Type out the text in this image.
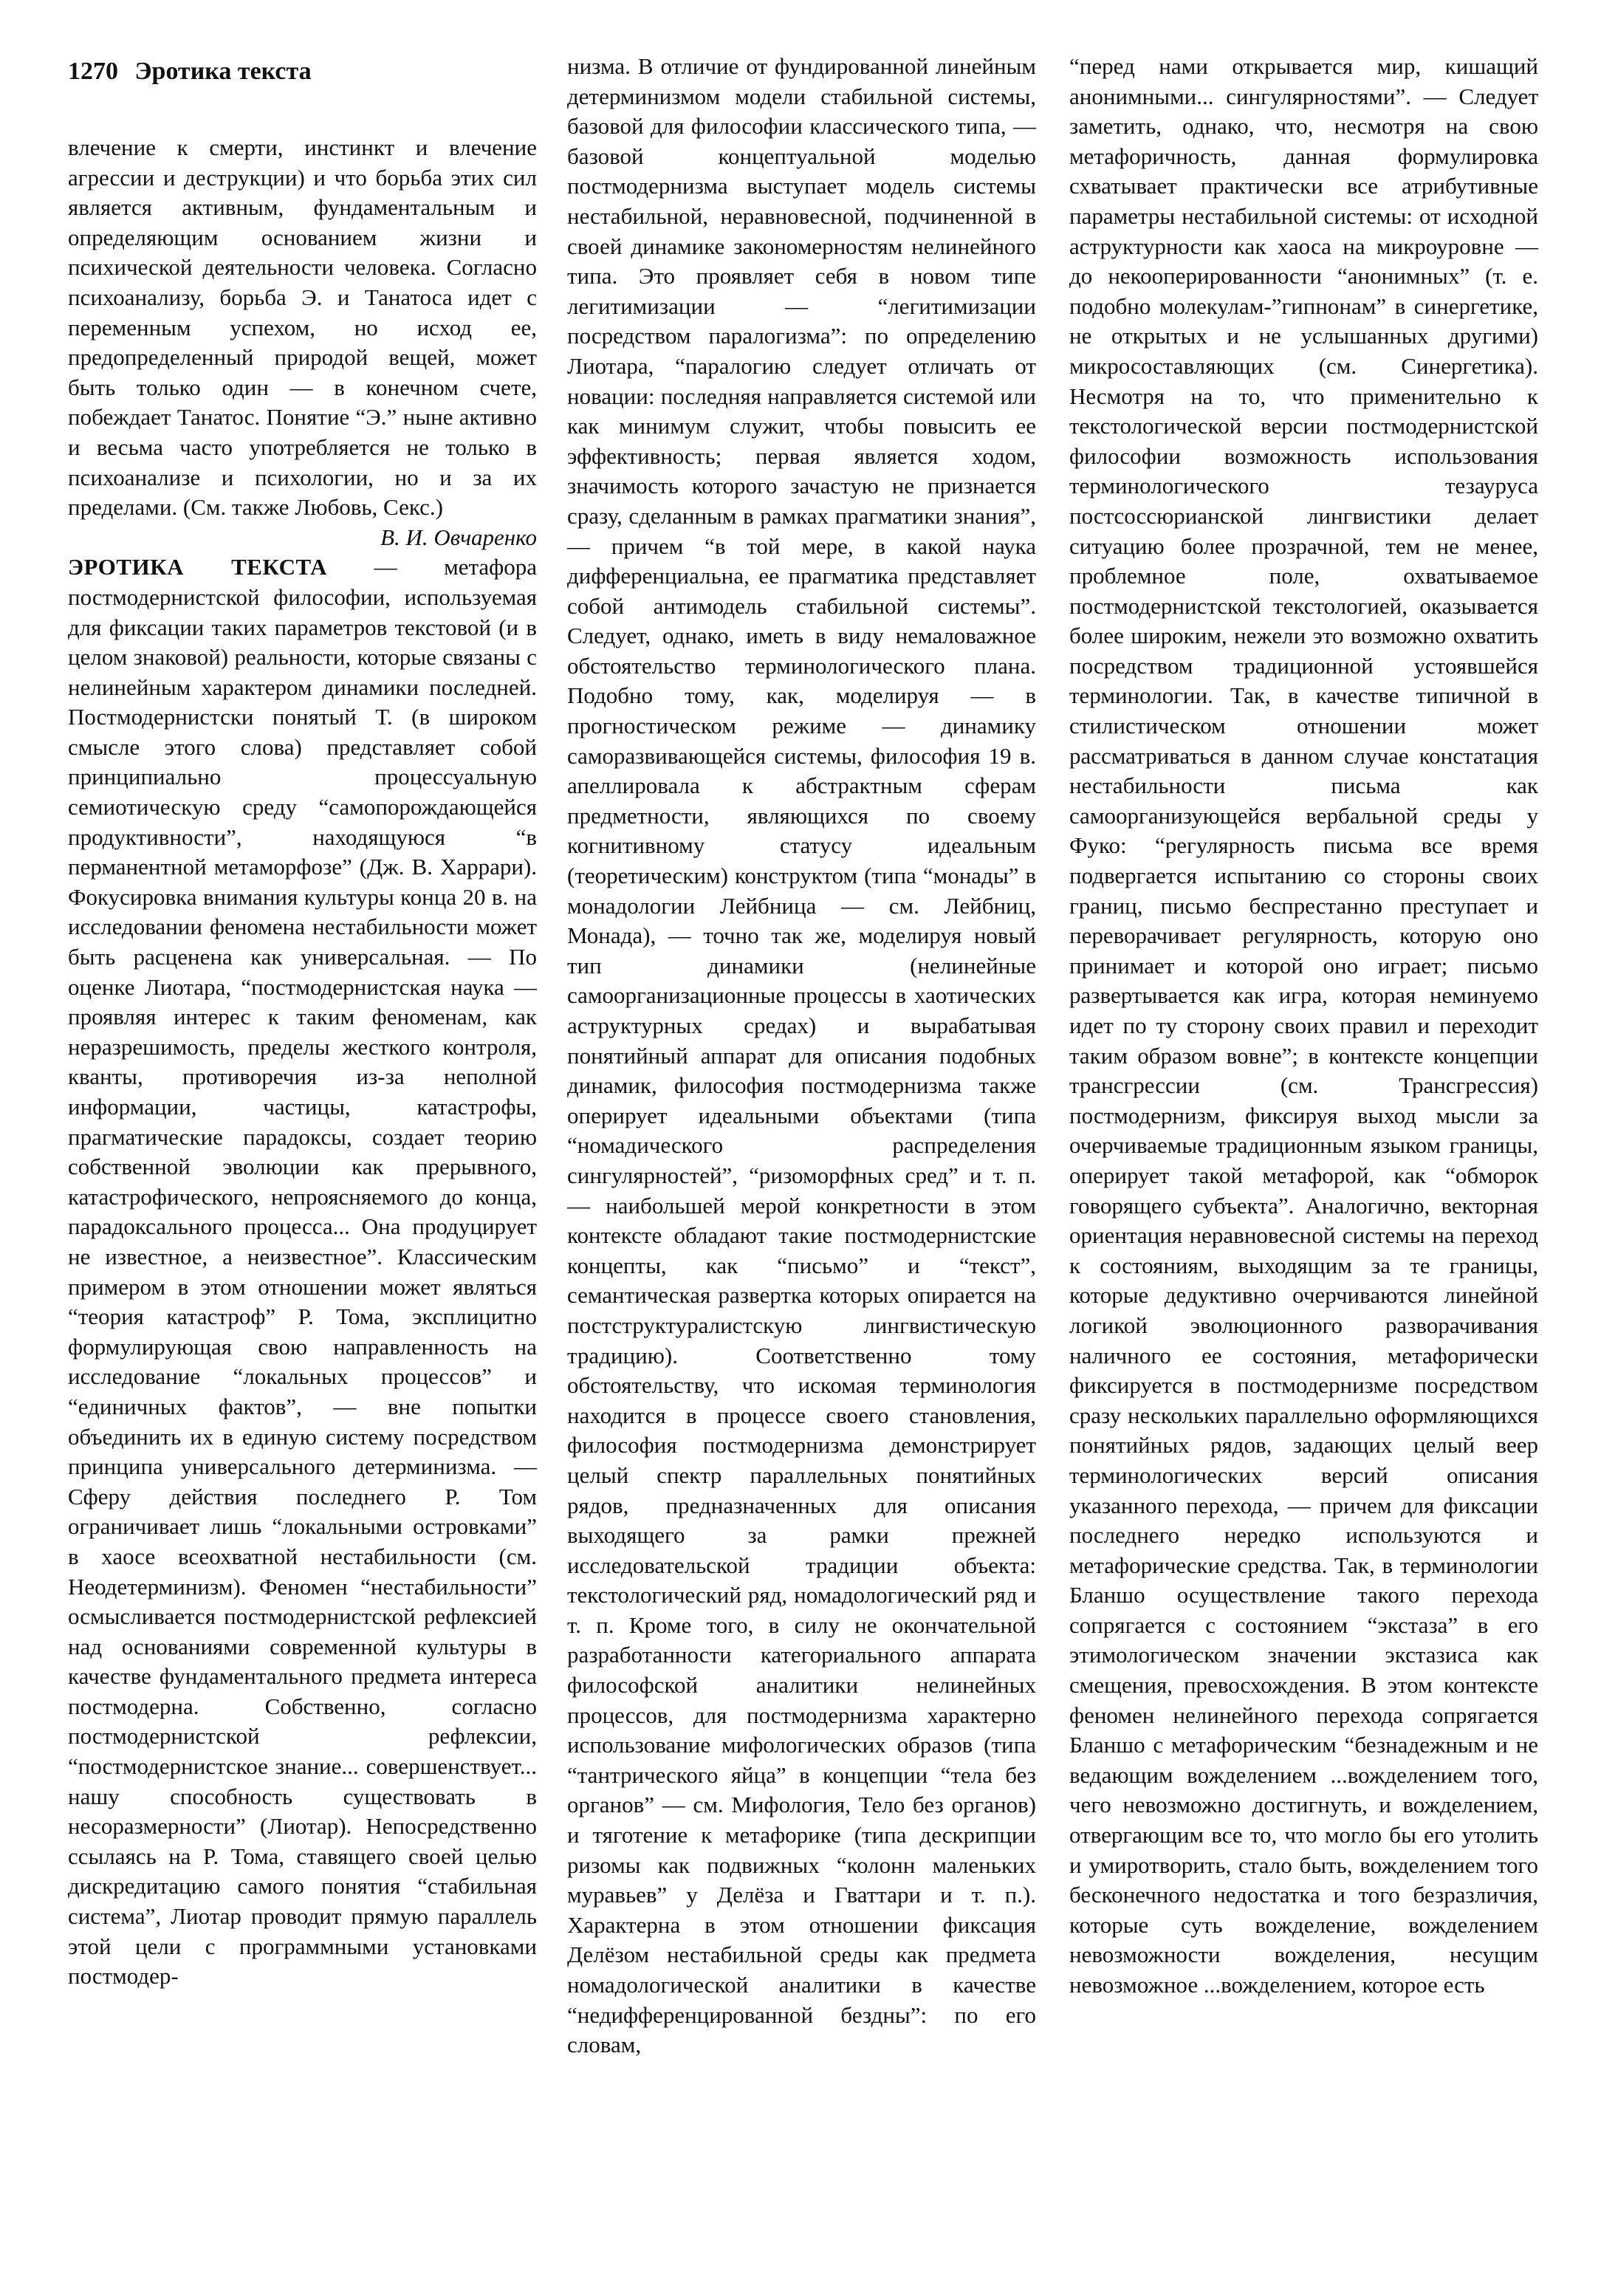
1270 Эротика текста

влечение к смерти, инстинкт и влечение агрессии и деструкции) и что борьба этих сил является активным, фундаментальным и определяющим основанием жизни и психической деятельности человека. Согласно психоанализу, борьба Э. и Танатоса идет с переменным успехом, но исход ее, предопределенный природой вещей, может быть только один — в конечном счете, побеждает Танатос. Понятие “Э.” ныне активно и весьма часто употребляется не только в психоанализе и психологии, но и за их пределами. (См. также Любовь, Секс.)

В. И. Овчаренко

ЭРОТИКА ТЕКСТА — метафора постмодернистской философии, используемая для фиксации таких параметров текстовой (и в целом знаковой) реальности, которые связаны с нелинейным характером динамики последней. Постмодернистски понятый Т. (в широком смысле этого слова) представляет собой принципиально процессуальную семиотическую среду “самопорождающейся продуктивности”, находящуюся “в перманентной метаморфозе” (Дж. В. Харрари). Фокусировка внимания культуры конца 20 в. на исследовании феномена нестабильности может быть расценена как универсальная. — По оценке Лиотара, “постмодернистская наука — проявляя интерес к таким феноменам, как неразрешимость, пределы жесткого контроля, кванты, противоречия из-за неполной информации, частицы, катастрофы, прагматические парадоксы, создает теорию собственной эволюции как прерывного, катастрофического, непроясняемого до конца, парадоксального процесса... Она продуцирует не известное, а неизвестное”. Классическим примером в этом отношении может являться “теория катастроф” Р. Тома, эксплицитно формулирующая свою направленность на исследование “локальных процессов” и “единичных фактов”, — вне попытки объединить их в единую систему посредством принципа универсального детерминизма. — Сферу действия последнего Р. Том ограничивает лишь “локальными островками” в хаосе всеохватной нестабильности (см. Неодетерминизм). Феномен “нестабильности” осмысливается постмодернистской рефлексией над основаниями современной культуры в качестве фундаментального предмета интереса постмодерна. Собственно, согласно постмодернистской рефлексии, “постмодернистское знание... совершенствует... нашу способность существовать в несоразмерности” (Лиотар). Непосредственно ссылаясь на Р. Тома, ставящего своей целью дискредитацию самого понятия “стабильная система”, Лиотар проводит прямую параллель этой цели с программными установками постмодер-

низма. В отличие от фундированной линейным детерминизмом модели стабильной системы, базовой для философии классического типа, — базовой концептуальной моделью постмодернизма выступает модель системы нестабильной, неравновесной, подчиненной в своей динамике закономерностям нелинейного типа. Это проявляет себя в новом типе легитимизации — “легитимизации посредством паралогизма”: по определению Лиотара, “паралогию следует отличать от новации: последняя направляется системой или как минимум служит, чтобы повысить ее эффективность; первая является ходом, значимость которого зачастую не признается сразу, сделанным в рамках прагматики знания”, — причем “в той мере, в какой наука дифференциальна, ее прагматика представляет собой антимодель стабильной системы”. Следует, однако, иметь в виду немаловажное обстоятельство терминологического плана. Подобно тому, как, моделируя — в прогностическом режиме — динамику саморазвивающейся системы, философия 19 в. апеллировала к абстрактным сферам предметности, являющихся по своему когнитивному статусу идеальным (теоретическим) конструктом (типа “монады” в монадологии Лейбница — см. Лейбниц, Монада), — точно так же, моделируя новый тип динамики (нелинейные самоорганизационные процессы в хаотических аструктурных средах) и вырабатывая понятийный аппарат для описания подобных динамик, философия постмодернизма также оперирует идеальными объектами (типа “номадического распределения сингулярностей”, “ризоморфных сред” и т. п. — наибольшей мерой конкретности в этом контексте обладают такие постмодернистские концепты, как “письмо” и “текст”, семантическая развертка которых опирается на постструктуралистскую лингвистическую традицию). Соответственно тому обстоятельству, что искомая терминология находится в процессе своего становления, философия постмодернизма демонстрирует целый спектр параллельных понятийных рядов, предназначенных для описания выходящего за рамки прежней исследовательской традиции объекта: текстологический ряд, номадологический ряд и т. п. Кроме того, в силу не окончательной разработанности категориального аппарата философской аналитики нелинейных процессов, для постмодернизма характерно использование мифологических образов (типа “тантрического яйца” в концепции “тела без органов” — см. Мифология, Тело без органов) и тяготение к метафорике (типа дескрипции ризомы как подвижных “колонн маленьких муравьев” у Делёза и Гваттари и т. п.). Характерна в этом отношении фиксация Делёзом нестабильной среды как предмета номадологической аналитики в качестве “недифференцированной бездны”: по его словам,

“перед нами открывается мир, кишащий анонимными... сингулярностями”. — Следует заметить, однако, что, несмотря на свою метафоричность, данная формулировка схватывает практически все атрибутивные параметры нестабильной системы: от исходной аструктурности как хаоса на микроуровне — до некооперированности “анонимных” (т. е. подобно молекулам-”гипнонам” в синергетике, не открытых и не услышанных другими) микросоставляющих (см. Синергетика). Несмотря на то, что применительно к текстологической версии постмодернистской философии возможность использования терминологического тезауруса постсоссюрианской лингвистики делает ситуацию более прозрачной, тем не менее, проблемное поле, охватываемое постмодернистской текстологией, оказывается более широким, нежели это возможно охватить посредством традиционной устоявшейся терминологии. Так, в качестве типичной в стилистическом отношении может рассматриваться в данном случае констатация нестабильности письма как самоорганизующейся вербальной среды у Фуко: “регулярность письма все время подвергается испытанию со стороны своих границ, письмо беспрестанно преступает и переворачивает регулярность, которую оно принимает и которой оно играет; письмо развертывается как игра, которая неминуемо идет по ту сторону своих правил и переходит таким образом вовне”; в контексте концепции трансгрессии (см. Трансгрессия) постмодернизм, фиксируя выход мысли за очерчиваемые традиционным языком границы, оперирует такой метафорой, как “обморок говорящего субъекта”. Аналогично, векторная ориентация неравновесной системы на переход к состояниям, выходящим за те границы, которые дедуктивно очерчиваются линейной логикой эволюционного разворачивания наличного ее состояния, метафорически фиксируется в постмодернизме посредством сразу нескольких параллельно оформляющихся понятийных рядов, задающих целый веер терминологических версий описания указанного перехода, — причем для фиксации последнего нередко используются и метафорические средства. Так, в терминологии Бланшо осуществление такого перехода сопрягается с состоянием “экстаза” в его этимологическом значении экстазиса как смещения, превосхождения. В этом контексте феномен нелинейного перехода сопрягается Бланшо с метафорическим “безнадежным и не ведающим вожделением ...вожделением того, чего невозможно достигнуть, и вожделением, отвергающим все то, что могло бы его утолить и умиротворить, стало быть, вожделением того бесконечного недостатка и того безразличия, которые суть вожделение, вожделением невозможности вожделения, несущим невозможное ...вожделением, которое есть
